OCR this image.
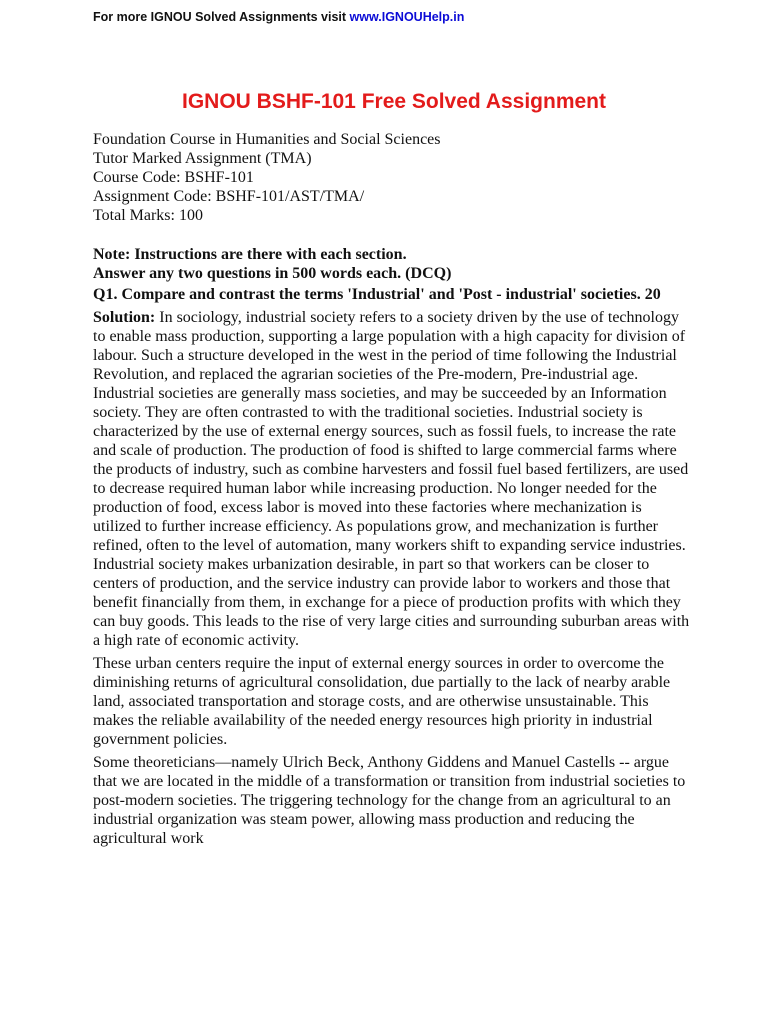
For more IGNOU Solved Assignments visit www.IGNOUHelp.in
IGNOU BSHF-101 Free Solved Assignment
Foundation Course in Humanities and Social Sciences
Tutor Marked Assignment (TMA)
Course Code: BSHF-101
Assignment Code: BSHF-101/AST/TMA/
Total Marks: 100
Note: Instructions are there with each section.
Answer any two questions in 500 words each. (DCQ)
Q1. Compare and contrast the terms 'Industrial' and 'Post - industrial' societies. 20
Solution: In sociology, industrial society refers to a society driven by the use of technology to enable mass production, supporting a large population with a high capacity for division of labour. Such a structure developed in the west in the period of time following the Industrial Revolution, and replaced the agrarian societies of the Pre-modern, Pre-industrial age. Industrial societies are generally mass societies, and may be succeeded by an Information society. They are often contrasted to with the traditional societies. Industrial society is characterized by the use of external energy sources, such as fossil fuels, to increase the rate and scale of production. The production of food is shifted to large commercial farms where the products of industry, such as combine harvesters and fossil fuel based fertilizers, are used to decrease required human labor while increasing production. No longer needed for the production of food, excess labor is moved into these factories where mechanization is utilized to further increase efficiency. As populations grow, and mechanization is further refined, often to the level of automation, many workers shift to expanding service industries. Industrial society makes urbanization desirable, in part so that workers can be closer to centers of production, and the service industry can provide labor to workers and those that benefit financially from them, in exchange for a piece of production profits with which they can buy goods. This leads to the rise of very large cities and surrounding suburban areas with a high rate of economic activity.
These urban centers require the input of external energy sources in order to overcome the diminishing returns of agricultural consolidation, due partially to the lack of nearby arable land, associated transportation and storage costs, and are otherwise unsustainable. This makes the reliable availability of the needed energy resources high priority in industrial government policies.
Some theoreticians—namely Ulrich Beck, Anthony Giddens and Manuel Castells -- argue that we are located in the middle of a transformation or transition from industrial societies to post-modern societies. The triggering technology for the change from an agricultural to an industrial organization was steam power, allowing mass production and reducing the agricultural work
